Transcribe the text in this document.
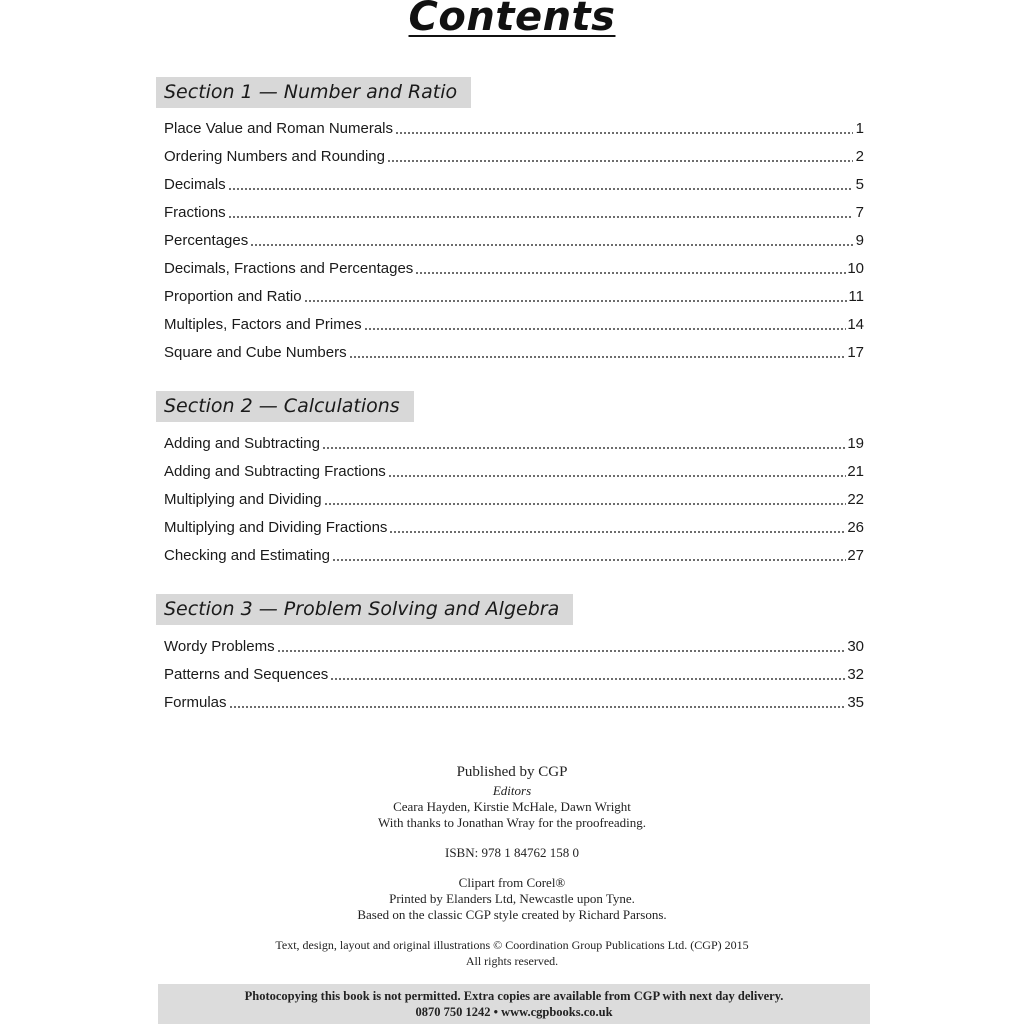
Contents
Section 1 — Number and Ratio
Place Value and Roman Numerals	1
Ordering Numbers and Rounding	2
Decimals	5
Fractions	7
Percentages	9
Decimals, Fractions and Percentages	10
Proportion and Ratio	11
Multiples, Factors and Primes	14
Square and Cube Numbers	17
Section 2 — Calculations
Adding and Subtracting	19
Adding and Subtracting Fractions	21
Multiplying and Dividing	22
Multiplying and Dividing Fractions	26
Checking and Estimating	27
Section 3 — Problem Solving and Algebra
Wordy Problems	30
Patterns and Sequences	32
Formulas	35
Published by CGP
Editors
Ceara Hayden, Kirstie McHale, Dawn Wright
With thanks to Jonathan Wray for the proofreading.
ISBN: 978 1 84762 158 0
Clipart from Corel®
Printed by Elanders Ltd, Newcastle upon Tyne.
Based on the classic CGP style created by Richard Parsons.
Text, design, layout and original illustrations © Coordination Group Publications Ltd. (CGP) 2015
All rights reserved.
Photocopying this book is not permitted. Extra copies are available from CGP with next day delivery.
0870 750 1242 • www.cgpbooks.co.uk
